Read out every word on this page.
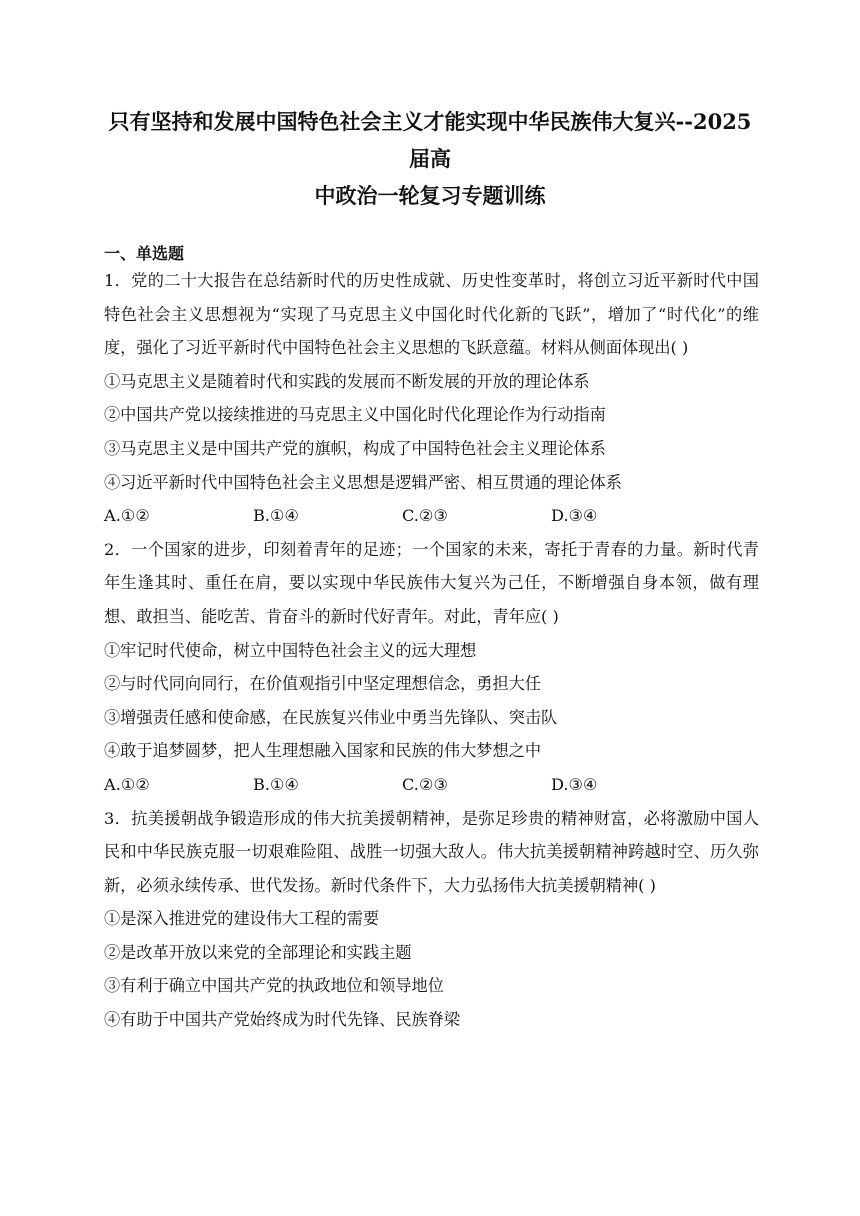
只有坚持和发展中国特色社会主义才能实现中华民族伟大复兴--2025届高
中政治一轮复习专题训练
一、单选题

1．党的二十大报告在总结新时代的历史性成就、历史性变革时，将创立习近平新时代中国特色社会主义思想视为“实现了马克思主义中国化时代化新的飞跃”，增加了“时代化”的维度，强化了习近平新时代中国特色社会主义思想的飞跃意蕴。材料从侧面体现出( )

①马克思主义是随着时代和实践的发展而不断发展的开放的理论体系

②中国共产党以接续推进的马克思主义中国化时代化理论作为行动指南

③马克思主义是中国共产党的旗帜，构成了中国特色社会主义理论体系

④习近平新时代中国特色社会主义思想是逻辑严密、相互贯通的理论体系

A.①②	B.①④	C.②③	D.③④

2．一个国家的进步，印刻着青年的足迹；一个国家的未来，寄托于青春的力量。新时代青年生逢其时、重任在肩，要以实现中华民族伟大复兴为己任，不断增强自身本领，做有理想、敢担当、能吃苦、肯奋斗的新时代好青年。对此，青年应( )

①牢记时代使命，树立中国特色社会主义的远大理想

②与时代同向同行，在价值观指引中坚定理想信念，勇担大任

③增强责任感和使命感，在民族复兴伟业中勇当先锋队、突击队

④敢于追梦圆梦，把人生理想融入国家和民族的伟大梦想之中

A.①②	B.①④	C.②③	D.③④

3．抗美援朝战争锻造形成的伟大抗美援朝精神，是弥足珍贵的精神财富，必将激励中国人民和中华民族克服一切艰难险阻、战胜一切强大敌人。伟大抗美援朝精神跨越时空、历久弥新，必须永续传承、世代发扬。新时代条件下，大力弘扬伟大抗美援朝精神( )

①是深入推进党的建设伟大工程的需要

②是改革开放以来党的全部理论和实践主题

③有利于确立中国共产党的执政地位和领导地位

④有助于中国共产党始终成为时代先锋、民族脊梁
